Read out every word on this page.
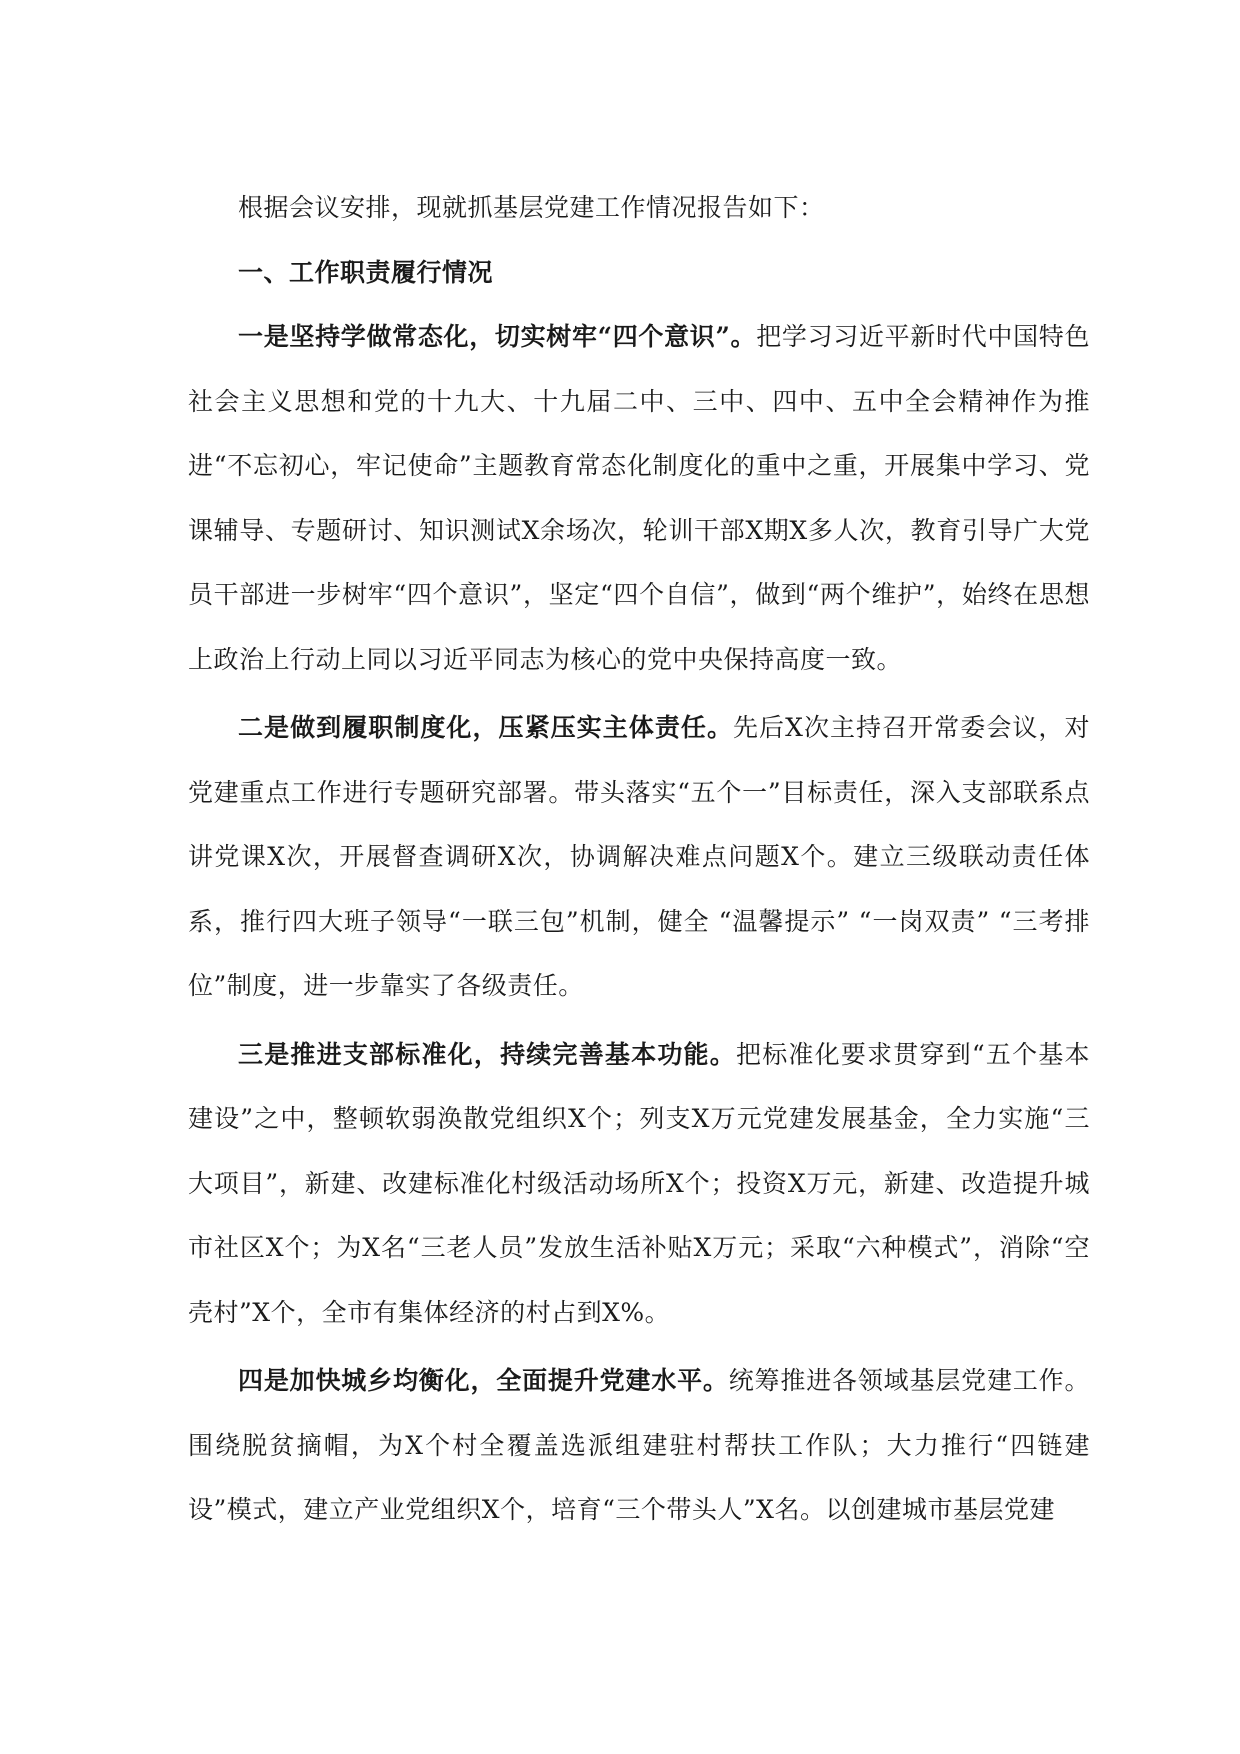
根据会议安排，现就抓基层党建工作情况报告如下：

一、工作职责履行情况

一是坚持学做常态化，切实树牢“四个意识”。把学习习近平新时代中国特色社会主义思想和党的十九大、十九届二中、三中、四中、五中全会精神作为推进“不忘初心，牢记使命”主题教育常态化制度化的重中之重，开展集中学习、党课辅导、专题研讨、知识测试X余场次，轮训干部X期X多人次，教育引导广大党员干部进一步树牢“四个意识”，坚定“四个自信”，做到“两个维护”，始终在思想上政治上行动上同以习近平同志为核心的党中央保持高度一致。

二是做到履职制度化，压紧压实主体责任。先后X次主持召开常委会议，对党建重点工作进行专题研究部署。带头落实“五个一”目标责任，深入支部联系点讲党课X次，开展督查调研X次，协调解决难点问题X个。建立三级联动责任体系，推行四大班子领导“一联三包”机制，健全 “温馨提示” “一岗双责” “三考排位”制度，进一步靠实了各级责任。

三是推进支部标准化，持续完善基本功能。把标准化要求贯穿到“五个基本建设”之中，整顿软弱涣散党组织X个；列支X万元党建发展基金，全力实施“三大项目”，新建、改建标准化村级活动场所X个；投资X万元，新建、改造提升城市社区X个；为X名“三老人员”发放生活补贴X万元；采取“六种模式”，消除“空壳村”X个，全市有集体经济的村占到X%。

四是加快城乡均衡化，全面提升党建水平。统筹推进各领域基层党建工作。围绕脱贫摘帽，为X个村全覆盖选派组建驻村帮扶工作队；大力推行“四链建设”模式，建立产业党组织X个，培育“三个带头人”X名。以创建城市基层党建
